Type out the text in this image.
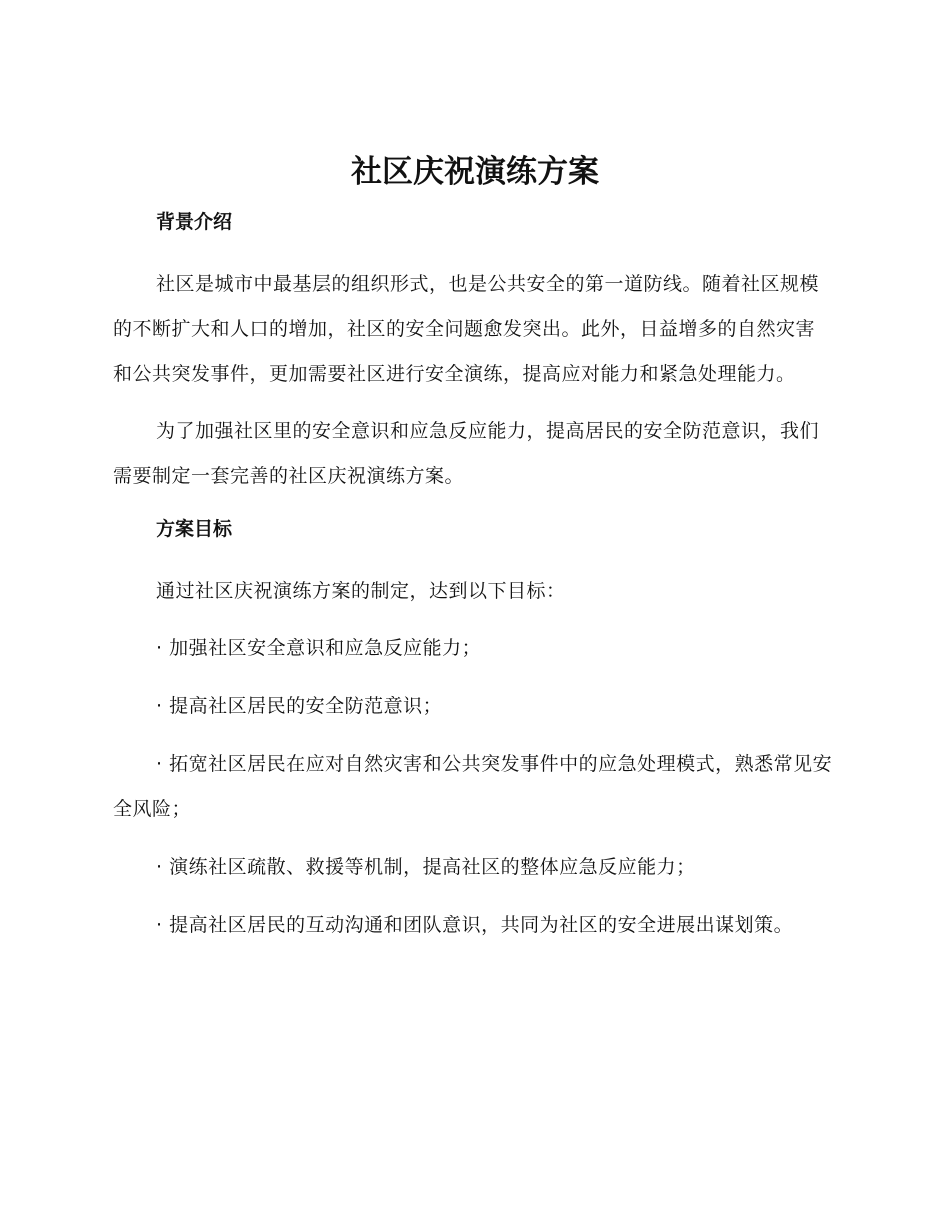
社区庆祝演练方案
背景介绍

社区是城市中最基层的组织形式，也是公共安全的第一道防线。随着社区规模的不断扩大和人口的增加，社区的安全问题愈发突出。此外，日益增多的自然灾害和公共突发事件，更加需要社区进行安全演练，提高应对能力和紧急处理能力。

为了加强社区里的安全意识和应急反应能力，提高居民的安全防范意识，我们需要制定一套完善的社区庆祝演练方案。

方案目标

通过社区庆祝演练方案的制定，达到以下目标：

· 加强社区安全意识和应急反应能力；

· 提高社区居民的安全防范意识；

· 拓宽社区居民在应对自然灾害和公共突发事件中的应急处理模式，熟悉常见安全风险；

· 演练社区疏散、救援等机制，提高社区的整体应急反应能力；

· 提高社区居民的互动沟通和团队意识，共同为社区的安全进展出谋划策。
